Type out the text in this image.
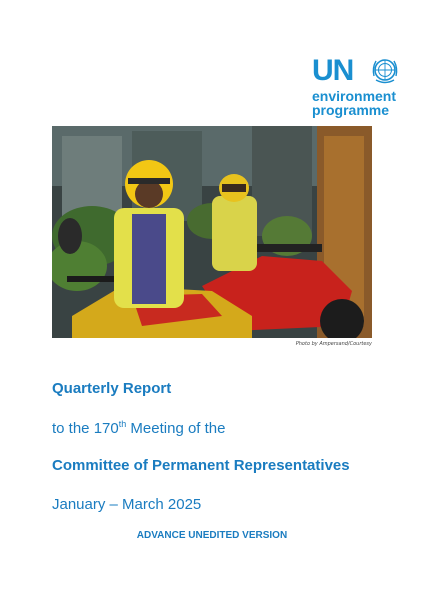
UN
environment
programme
Photo by Ampersand/Courtesy
Quarterly Report
to the 170th Meeting of the
Committee of Permanent Representatives
January – March 2025
ADVANCE UNEDITED VERSION
